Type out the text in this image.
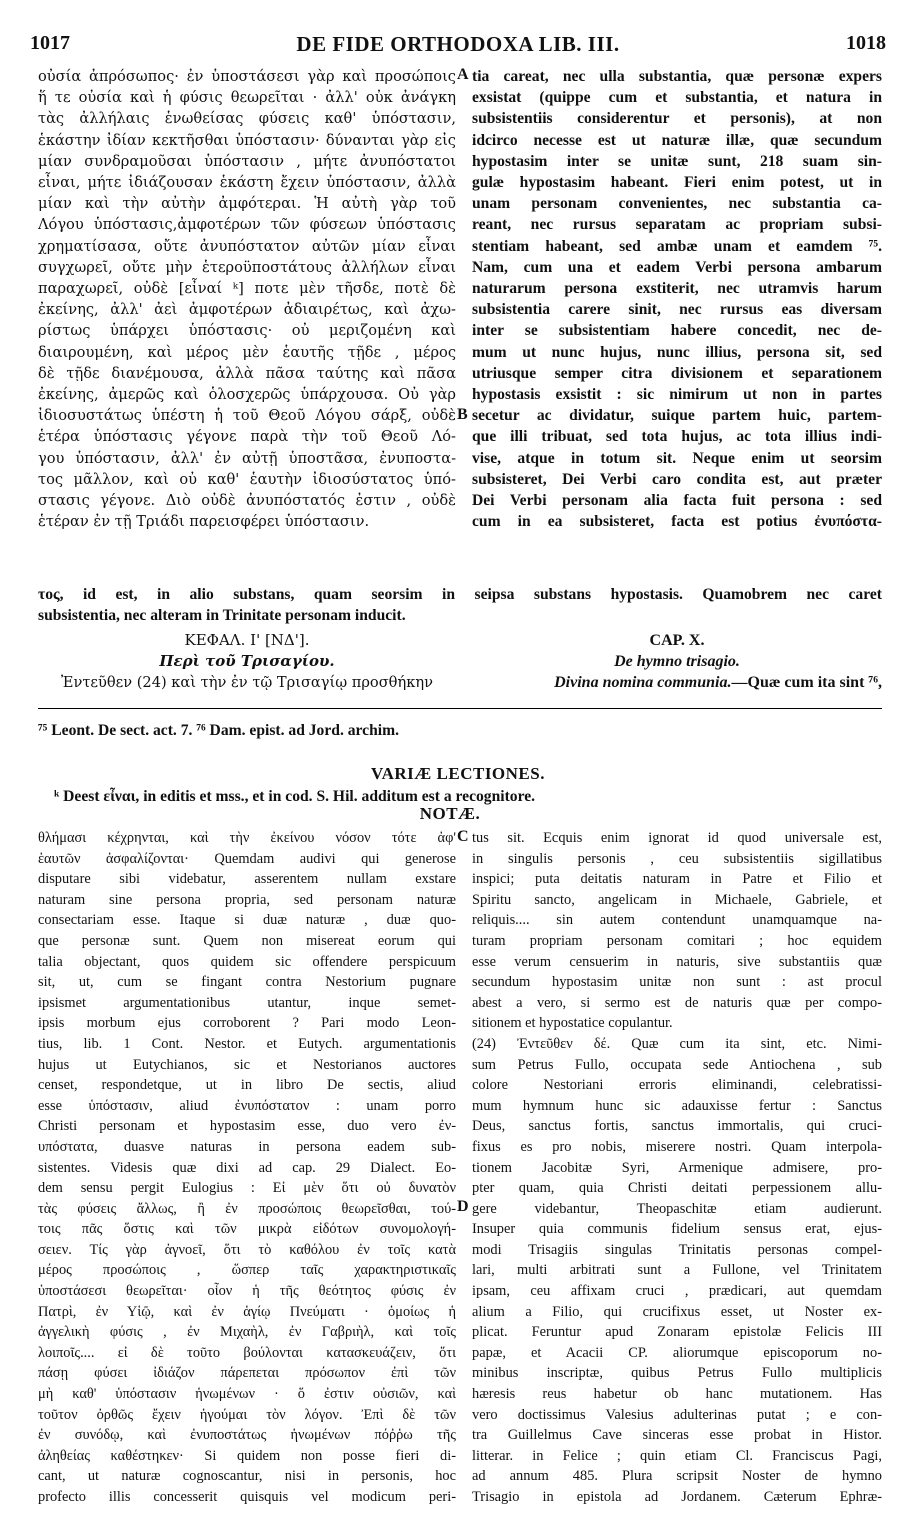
1017	DE FIDE ORTHODOXA LIB. III.	1018
οὐσία ἀπρόσωπος· ἐν ὑποστάσεσι γὰρ καὶ προσώποις
ἥ τε οὐσία καὶ ἡ φύσις θεωρεῖται · ἀλλ' οὐκ ἀνάγκη
τὰς ἀλλήλαις ἑνωθείσας φύσεις καθ' ὑπόστασιν,
ἑκάστην ἰδίαν κεκτῆσθαι ὑπόστασιν· δύνανται γὰρ εἰς
μίαν συνδραμοῦσαι ὑπόστασιν , μήτε ἀνυπόστατοι
εἶναι, μήτε ἰδιάζουσαν ἑκάστη ἔχειν ὑπόστασιν, ἀλλὰ
μίαν καὶ τὴν αὐτὴν ἀμφότεραι. Ἡ αὐτὴ γὰρ τοῦ
Λόγου ὑπόστασις,ἀμφοτέρων τῶν φύσεων ὑπόστασις
χρηματίσασα, οὔτε ἀνυπόστατον αὐτῶν μίαν εἶναι
συγχωρεῖ, οὔτε μὴν ἑτεροϋποστάτους ἀλλήλων εἶναι
παραχωρεῖ, οὐδὲ [εἶναί ᵏ] ποτε μὲν τῆσδε, ποτὲ δὲ
ἐκείνης, ἀλλ' ἀεὶ ἀμφοτέρων ἀδιαιρέτως, καὶ ἀχω-
ρίστως ὑπάρχει ὑπόστασις· οὐ μεριζομένη καὶ
διαιρουμένη, καὶ μέρος μὲν ἑαυτῆς τῇδε , μέρος
δὲ τῇδε διανέμουσα, ἀλλὰ πᾶσα ταύτης καὶ πᾶσα
ἐκείνης, ἀμερῶς καὶ ὁλοσχερῶς ὑπάρχουσα. Οὐ γὰρ
ἰδιοσυστάτως ὑπέστη ἡ τοῦ Θεοῦ Λόγου σάρξ, οὐδὲ
ἑτέρα ὑπόστασις γέγονε παρὰ τὴν τοῦ Θεοῦ Λό-
γου ὑπόστασιν, ἀλλ' ἐν αὐτῇ ὑποστᾶσα, ἐνυποστα-
τος μᾶλλον, καὶ οὐ καθ' ἑαυτὴν ἰδιοσύστατος ὑπό-
στασις γέγονε. Διὸ οὐδὲ ἀνυπόστατός ἐστιν , οὐδὲ
ἑτέραν ἐν τῇ Τριάδι παρεισφέρει ὑπόστασιν.
tia careat, nec ulla substantia, quæ personæ expers
exsistat (quippe cum et substantia, et natura in
subsistentiis considerentur et personis), at non
idcirco necesse est ut naturæ illæ, quæ secundum
hypostasim inter se unitæ sunt, 218 suam sin-
gulæ hypostasim habeant. Fieri enim potest, ut in
unam personam convenientes, nec substantia ca-
reant, nec rursus separatam ac propriam subsi-
stentiam habeant, sed ambæ unam et eamdem ⁷⁵.
Nam, cum una et eadem Verbi persona ambarum
naturarum persona exstiterit, nec utramvis harum
subsistentia carere sinit, nec rursus eas diversam
inter se subsistentiam habere concedit, nec de-
mum ut nunc hujus, nunc illius, persona sit, sed
utriusque semper citra divisionem et separationem
hypostasis exsistit : sic nimirum ut non in partes
secetur ac dividatur, suique partem huic, partem-
que illi tribuat, sed tota hujus, ac tota illius indi-
vise, atque in totum sit. Neque enim ut seorsim
subsisteret, Dei Verbi caro condita est, aut præter
Dei Verbi personam alia facta fuit persona : sed
cum in ea subsisteret, facta est potius ἐνυπόστα-
A
B
C
D
τος, id est, in alio substans, quam seorsim in seipsa substans hypostasis. Quamobrem nec caret
subsistentia, nec alteram in Trinitate personam inducit.
ΚΕΦΑΛ. Ι' [ΝΔ'].
Περὶ τοῦ Τρισαγίου.
Ἐντεῦθεν (24) καὶ τὴν ἐν τῷ Τρισαγίῳ προσθήκην
CAP. X.
De hymno trisagio.
Divina nomina communia.—Quæ cum ita sint ⁷⁶,
⁷⁵ Leont. De sect. act. 7. ⁷⁶ Dam. epist. ad Jord. archim.
VARIÆ LECTIONES.
ᵏ Deest εἶναι, in editis et mss., et in cod. S. Hil. additum est a recognitore.
NOTÆ.
θλήμασι κέχρηνται, καὶ τὴν ἐκείνου νόσον τότε ἀφ'
ἑαυτῶν ἀσφαλίζονται· Quemdam audivi qui generose
disputare sibi videbatur, asserentem nullam exstare
naturam sine persona propria, sed personam naturæ
consectariam esse. Itaque si duæ naturæ , duæ quo-
que personæ sunt. Quem non misereat eorum qui
talia objectant, quos quidem sic offendere perspicuum
sit, ut, cum se fingant contra Nestorium pugnare
ipsismet argumentationibus utantur, inque semet-
ipsis morbum ejus corroborent ? Pari modo Leon-
tius, lib. 1 Cont. Nestor. et Eutych. argumentationis
hujus ut Eutychianos, sic et Nestorianos auctores
censet, respondetque, ut in libro De sectis, aliud
esse ὑπόστασιν, aliud ἐνυπόστατον : unam porro
Christi personam et hypostasim esse, duo vero ἐν-
υπόστατα, duasve naturas in persona eadem sub-
sistentes. Videsis quæ dixi ad cap. 29 Dialect. Eo-
dem sensu pergit Eulogius : Εἰ μὲν ὅτι οὐ δυνατὸν
τὰς φύσεις ἄλλως, ἢ ἐν προσώποις θεωρεῖσθαι, τού-
τοις πᾶς ὅστις καὶ τῶν μικρὰ εἰδότων συνομολογή-
σειεν. Τίς γὰρ ἀγνοεῖ, ὅτι τὸ καθόλου ἐν τοῖς κατὰ
μέρος προσώποις , ὥσπερ ταῖς χαρακτηριστικαῖς
ὑποστάσεσι θεωρεῖται· οἷον ἡ τῆς θεότητος φύσις ἐν
Πατρὶ, ἐν Υἱῷ, καὶ ἐν ἁγίῳ Πνεύματι · ὁμοίως ἡ
ἀγγελικὴ φύσις , ἐν Μιχαὴλ, ἐν Γαβριὴλ, καὶ τοῖς
λοιποῖς.... εἰ δὲ τοῦτο βούλονται κατασκευάζειν, ὅτι
πάσῃ φύσει ἰδιάζον πάρεπεται πρόσωπον ἐπὶ τῶν
μὴ καθ' ὑπόστασιν ἡνωμένων · ὅ ἐστιν οὐσιῶν, καὶ
τοῦτον ὀρθῶς ἔχειν ἡγούμαι τὸν λόγον. Ἐπὶ δὲ τῶν
ἐν συνόδῳ, καὶ ἐνυποστάτως ἡνωμένων πόῤῥω τῆς
ἀληθείας καθέστηκεν· Si quidem non posse fieri di-
cant, ut naturæ cognoscantur, nisi in personis, hoc
profecto illis concesserit quisquis vel modicum peri-
tus sit. Ecquis enim ignorat id quod universale est,
in singulis personis , ceu subsistentiis sigillatibus
inspici; puta deitatis naturam in Patre et Filio et
Spiritu sancto, angelicam in Michaele, Gabriele, et
reliquis.... sin autem contendunt unamquamque na-
turam propriam personam comitari ; hoc equidem
esse verum censuerim in naturis, sive substantiis quæ
secundum hypostasim unitæ non sunt : ast procul
abest a vero, si sermo est de naturis quæ per compo-
sitionem et hypostatice copulantur.
(24) Ἐντεῦθεν δέ. Quæ cum ita sint, etc. Nimi-
sum Petrus Fullo, occupata sede Antiochena , sub
colore Nestoriani erroris eliminandi, celebratissi-
mum hymnum hunc sic adauxisse fertur : Sanctus
Deus, sanctus fortis, sanctus immortalis, qui cruci-
fixus es pro nobis, miserere nostri. Quam interpola-
tionem Jacobitæ Syri, Armenique admisere, pro-
pter quam, quia Christi deitati perpessionem allu-
gere videbantur, Theopaschitæ etiam audierunt.
Insuper quia communis fidelium sensus erat, ejus-
modi Trisagiis singulas Trinitatis personas compel-
lari, multi arbitrati sunt a Fullone, vel Trinitatem
ipsam, ceu affixam cruci , prædicari, aut quemdam
alium a Filio, qui crucifixus esset, ut Noster ex-
plicat. Feruntur apud Zonaram epistolæ Felicis III
papæ, et Acacii CP. aliorumque episcoporum no-
minibus inscriptæ, quibus Petrus Fullo multiplicis
hæresis reus habetur ob hanc mutationem. Has
vero doctissimus Valesius adulterinas putat ; e con-
tra Guillelmus Cave sinceras esse probat in Histor.
litterar. in Felice ; quin etiam Cl. Franciscus Pagi,
ad annum 485. Plura scripsit Noster de hymno
Trisagio in epistola ad Jordanem. Cæterum Ephræ-
